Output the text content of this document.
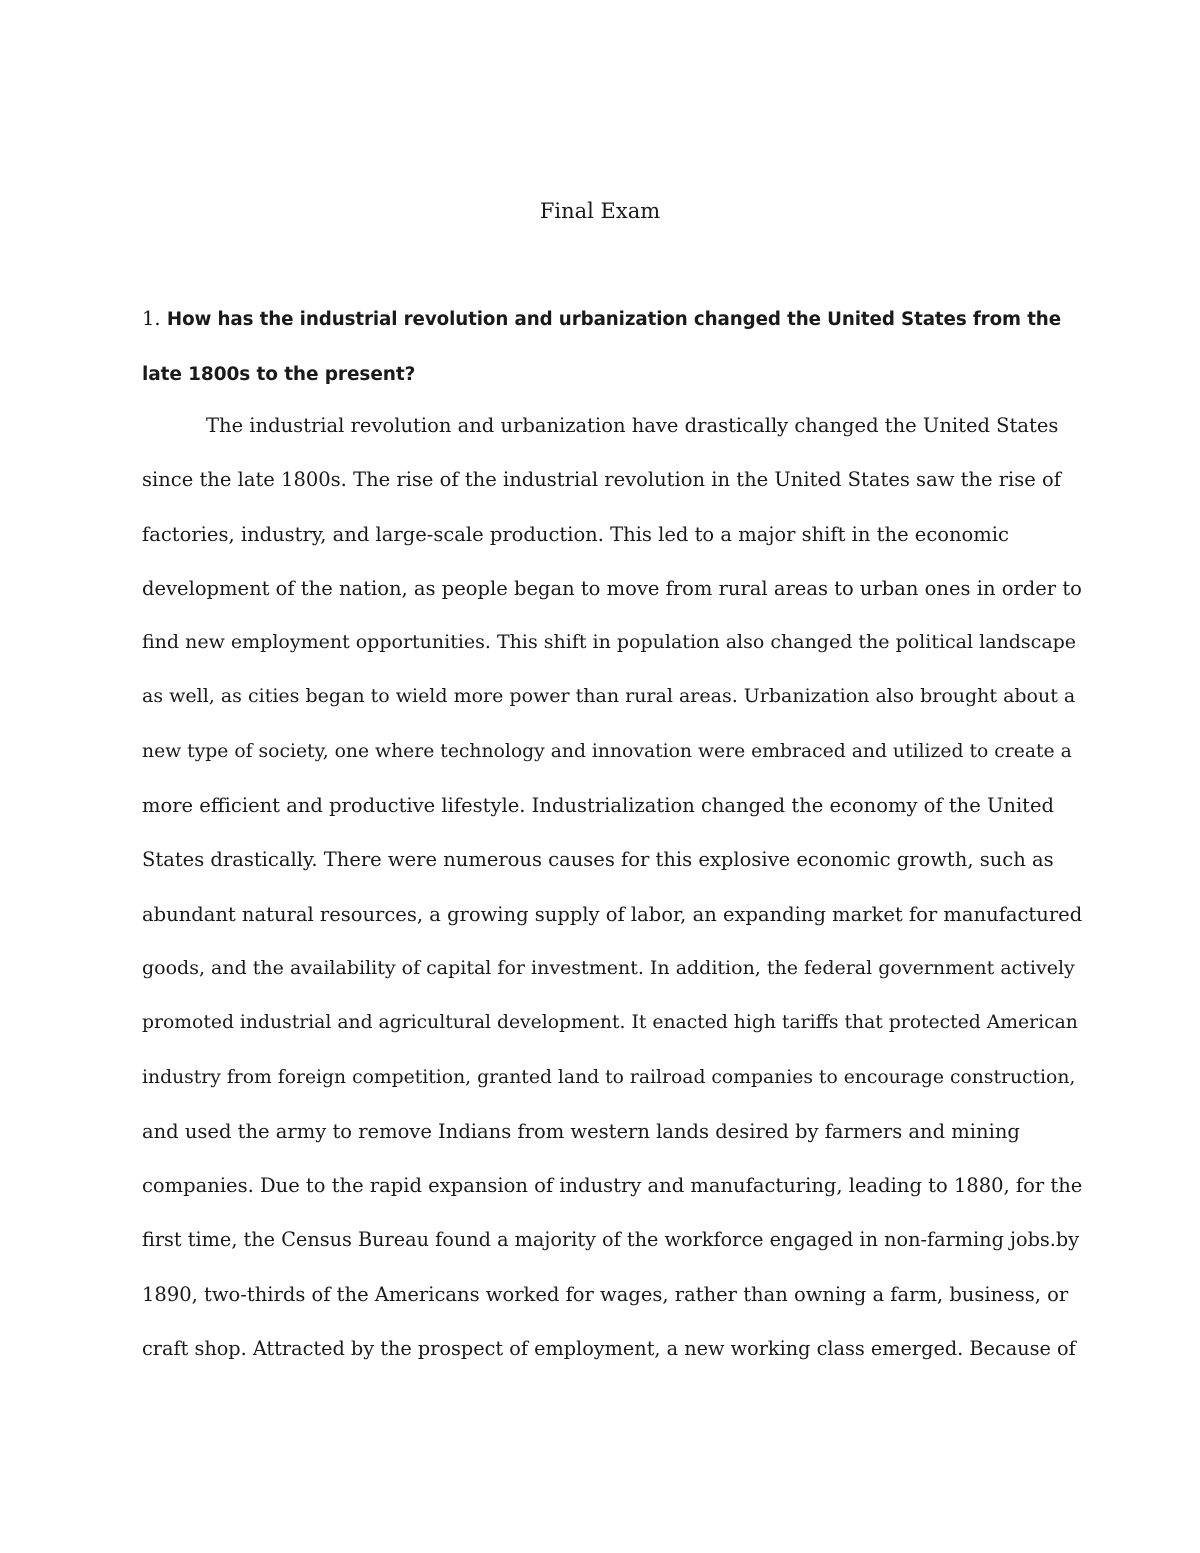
Final Exam
1. How has the industrial revolution and urbanization changed the United States from the
late 1800s to the present?
The industrial revolution and urbanization have drastically changed the United States
since the late 1800s. The rise of the industrial revolution in the United States saw the rise of
factories, industry, and large-scale production. This led to a major shift in the economic
development of the nation, as people began to move from rural areas to urban ones in order to
find new employment opportunities. This shift in population also changed the political landscape
as well, as cities began to wield more power than rural areas. Urbanization also brought about a
new type of society, one where technology and innovation were embraced and utilized to create a
more efficient and productive lifestyle. Industrialization changed the economy of the United
States drastically. There were numerous causes for this explosive economic growth, such as
abundant natural resources, a growing supply of labor, an expanding market for manufactured
goods, and the availability of capital for investment. In addition, the federal government actively
promoted industrial and agricultural development. It enacted high tariffs that protected American
industry from foreign competition, granted land to railroad companies to encourage construction,
and used the army to remove Indians from western lands desired by farmers and mining
companies. Due to the rapid expansion of industry and manufacturing, leading to 1880, for the
first time, the Census Bureau found a majority of the workforce engaged in non-farming jobs.by
1890, two-thirds of the Americans worked for wages, rather than owning a farm, business, or
craft shop. Attracted by the prospect of employment, a new working class emerged. Because of
